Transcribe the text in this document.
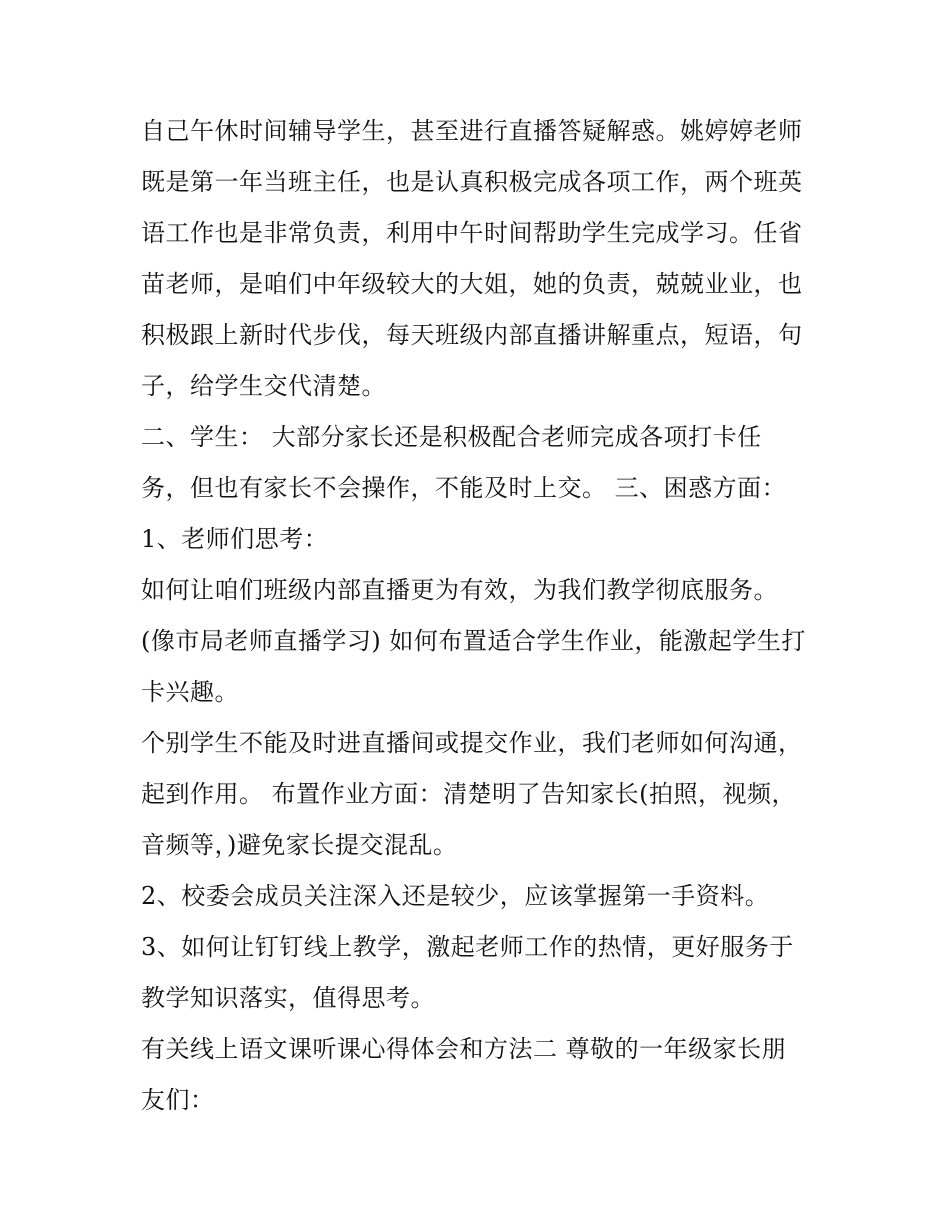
自己午休时间辅导学生，甚至进行直播答疑解惑。姚婷婷老师
既是第一年当班主任，也是认真积极完成各项工作，两个班英
语工作也是非常负责，利用中午时间帮助学生完成学习。任省
苗老师，是咱们中年级较大的大姐，她的负责，兢兢业业，也
积极跟上新时代步伐，每天班级内部直播讲解重点，短语，句
子，给学生交代清楚。
二、学生： 大部分家长还是积极配合老师完成各项打卡任
务，但也有家长不会操作，不能及时上交。 三、困惑方面：
1、老师们思考：
如何让咱们班级内部直播更为有效，为我们教学彻底服务。
(像市局老师直播学习) 如何布置适合学生作业，能激起学生打
卡兴趣。
个别学生不能及时进直播间或提交作业，我们老师如何沟通，
起到作用。 布置作业方面：清楚明了告知家长(拍照，视频，
音频等，)避免家长提交混乱。
2、校委会成员关注深入还是较少，应该掌握第一手资料。
3、如何让钉钉线上教学，激起老师工作的热情，更好服务于
教学知识落实，值得思考。
有关线上语文课听课心得体会和方法二 尊敬的一年级家长朋
友们：
